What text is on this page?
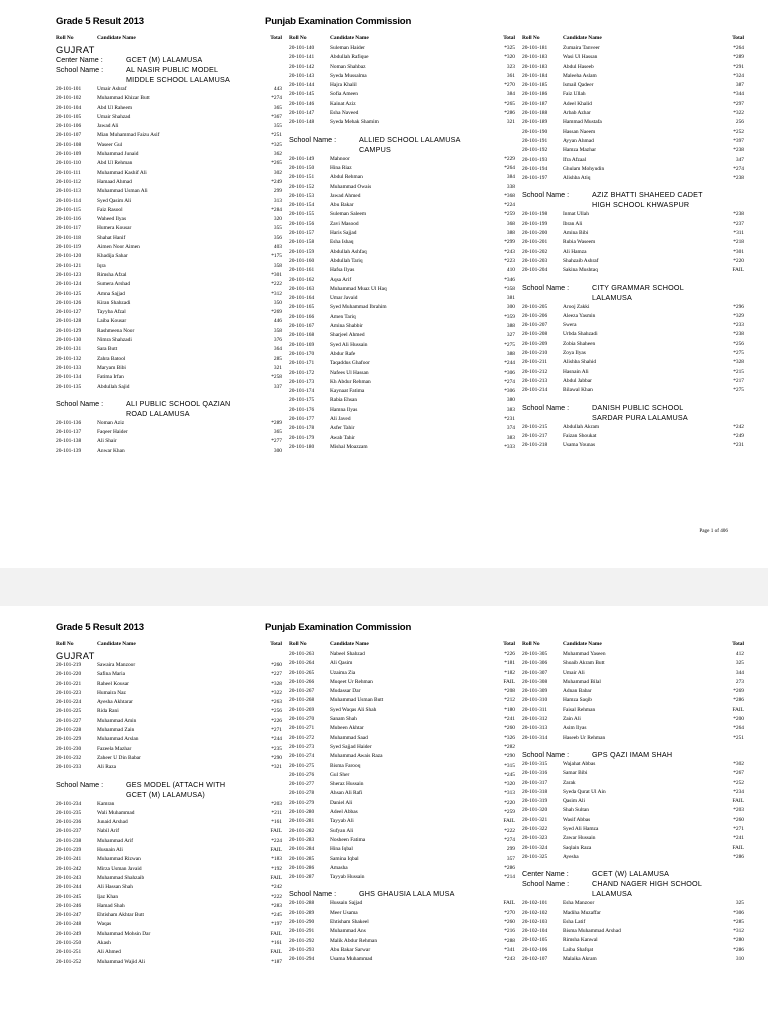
Grade 5 Result 2013	Punjab Examination Commission
Roll No	Candidate Name	Total Roll No	Candidate Name	Total Roll No	Candidate Name	Total
GUJRAT
Center Name :	GCET (M) LALAMUSA
School Name :	AL NASIR PUBLIC MODEL
MIDDLE SCHOOL LALAMUSA
20-101-101	Umair Ashraf	443
20-101-102	Muhammad Khizar Butt	*274
20-101-104	Abd Ul Raheem	365
20-101-105	Umair Shahzad	*367
20-101-106	Jawad Ali	355
20-101-107	Mian Muhammad Faizu Asif	*251
20-101-108	Waseer Gul	*325
20-101-109	Muhammad Junaid	362
20-101-110	Abd Ul Rehman	*265
20-101-111	Muhammad Kashif Ali	302
20-101-112	Hamaad Ahmad	*249
20-101-113	Muhammad Usman Ali	299
20-101-114	Syed Qasim Ali	313
20-101-115	Faiz Rasool	*284
20-101-116	Waheed Ilyas	320
20-101-117	Humera Kousar	355
20-101-118	Shahat Hanif	356
20-101-119	Aimen Noor Aimen	403
20-101-120	Khadija Sahar	*175
20-101-121	Iqra	358
20-101-123	Rimsha Afzal	*301
20-101-124	Sumera Arshad	*222
20-101-125	Amna Sajjad	*312
20-101-126	Kiran Shahzadi	350
20-101-127	Tayyba Afzal	*269
20-101-128	Laiba Kousar	446
20-101-129	Rashmeena Noor	358
20-101-130	Nimra Shahzadi	376
20-101-131	Sara Butt	364
20-101-132	Zahra Batool	285
20-101-133	Maryam Bibi	321
20-101-134	Fatima Irfan	*258
20-101-135	Abdullah Sajid	337
School Name :	ALI PUBLIC SCHOOL QAZIAN
ROAD LALAMUSA
20-101-136	Noman Aziz	*289
20-101-137	Faqeer Haider	365
20-101-138	Ali Shair	*277
20-101-139	Anwar Khan	300
20-101-140	Suleman Haider	*325
20-101-141	Abdullah Rafique	*320
20-101-142	Noman Shahbaz	323
20-101-143	Syeda Mussalma	361
20-101-144	Hajra Khalil	*270
20-101-145	Sofia Ameen	384
20-101-146	Kainat Aziz	*265
20-101-147	Esha Naveed	*286
20-101-148	Syeda Mehak Shamim	321
School Name :	ALLIED SCHOOL LALAMUSA
CAMPUS
20-101-149	Mahnoor	*229
20-101-150	Hina Riaz	*264
20-101-151	Abdul Rehman	384
20-101-152	Muhammad Owais	338
20-101-153	Jawad Ahmed	*368
20-101-154	Abu Bakar	*224
20-101-155	Suleman Saleem	*259
20-101-156	Zavi Masood	368
20-101-157	Haris Sajjad	388
20-101-158	Esha Ishaq	*299
20-101-159	Abdullah Ashfaq	*243
20-101-160	Abdullah Tariq	*223
20-101-161	Hafsa Ilyas	410
20-101-162	Aqsa Arif	*346
20-101-163	Muhammad Muaz Ul Haq	*358
20-101-164	Umar Javaid	381
20-101-165	Syed Muhammad Ibrahim	300
20-101-166	Amen Tariq	*359
20-101-167	Amina Shabbir	388
20-101-168	Sharjeel Ahmed	327
20-101-169	Syed Ali Hussain	*275
20-101-170	Abdur Rafe	388
20-101-171	Taqaddus Ghafoor	*244
20-101-172	Nafees Ul Hassan	*306
20-101-173	Kh Abdur Rehman	*274
20-101-174	Kaynaat Fatima	*306
20-101-175	Rabia Ehsan	380
20-101-176	Hamna Ilyas	383
20-101-177	Ali Javed	*231
20-101-178	Asfer Tahir	374
20-101-179	Awab Tahir	383
20-101-180	Mishal Moazzam	*333
20-101-181	Zumaira Tanveer	*264
20-101-183	Wasi Ul Hassan	*289
20-101-183	Abdul Haseeb	*291
20-101-184	Maleeha Aslam	*324
20-101-185	Ismail Qadeer	387
20-101-186	Faiz Ullah	*344
20-101-187	Adeel Khalid	*297
20-101-188	Arbab Azhar	*322
20-101-189	Hammad Mustafa	256
20-101-190	Hassan Naeem	*252
20-101-191	Ayyan Ahmad	*397
20-101-192	Hamza Mazhar	*238
20-101-193	Ifra Afzaal	347
20-101-194	Ghulam Mohyudin	*274
20-101-197	Alishba Atiq	*238
School Name :	AZIZ BHATTI SHAHEED CADET
HIGH SCHOOL KHWASPUR
20-101-198	Inmat Ullah	*238
20-101-199	Ibran Ali	*237
20-101-200	Amina Bibi	*311
20-101-201	Rubia Waseem	*218
20-101-202	Ali Hamza	*301
20-101-203	Shahzaib Ashraf	*220
20-101-204	Sakina Mushtaq	FAIL
School Name :	CITY GRAMMAR SCHOOL
LALAMUSA
20-101-205	Arooj Zakki	*296
20-101-206	Aleeza Yasmin	*329
20-101-207	Swera	*233
20-101-208	Urbda Shahzadi	*238
20-101-209	Zobia Shaheen	*256
20-101-210	Zoya Ilyas	*275
20-101-211	Alishba Shahid	*328
20-101-212	Hasnain Ali	*215
20-101-213	Abdul Jabbar	*217
20-101-214	Bilawal Khan	*275
School Name :	DANISH PUBLIC SCHOOL
SARDAR PURA LALAMUSA
20-101-215	Abdullah Akram	*242
20-101-217	Faizan Shoukat	*249
20-101-218	Usama Younas	*231
Page 1 of 406
Grade 5 Result 2013	Punjab Examination Commission
Roll No	Candidate Name	Total Roll No	Candidate Name	Total Roll No	Candidate Name	Total
GUJRAT
20-101-219	Sawaira Manzoor	*260
20-101-220	Safina Maria	*227
20-101-221	Raheel Kousar	*328
20-101-223	Humaira Naz	*322
20-101-224	Ayesha Akhtarar	*263
20-101-225	Rida Rani	*256
20-101-227	Muhammad Amin	*226
20-101-228	Muhammad Zain	*271
20-101-229	Muhammad Arslan	*244
20-101-230	Fazeela Mazhar	*235
20-101-232	Zaheer U Din Babar	*290
20-101-233	Ali Raza	*321
School Name :	GES MODEL (ATTACH WITH
GCET (M) LALAMUSA)
20-101-234	Kamran	*203
20-101-235	Wali Muhammad	*211
20-101-236	Junaid Arshad	*161
20-101-237	Nabil Arif	FAIL
20-101-238	Muhammad Arif	*224
20-101-239	Husnain Ali	FAIL
20-101-241	Muhammad Rizwan	*183
20-101-242	Mirza Usman Javaid	*192
20-101-243	Muhammad Shahzaib	FAIL
20-101-244	Ali Hassan Shah	*242
20-101-245	Ijaz Khan	*222
20-101-246	Hamad Shah	*283
20-101-247	Ehtisham Akhtar Butt	*245
20-101-248	Waqas	*197
20-101-249	Muhammad Mohsin Dar	FAIL
20-101-250	Akash	*161
20-101-251	Ali Ahmed	FAIL
20-101-252	Muhammad Wajid Ali	*187
20-101-263	Nabeel Shahzad	*226
20-101-264	Ali Qasim	*181
20-101-265	Uzaima Zia	*182
20-101-266	Muqeet Ur Rehman	FAIL
20-101-267	Mudassar Dar	*208
20-101-268	Muhammad Usman Butt	*212
20-101-269	Syed Waqas Ali Shah	*180
20-101-270	Sanam Shah	*241
20-101-271	Mubeen Akhtar	*260
20-101-272	Muhammad Saad	*326
20-101-273	Syed Sajjad Haider	*282
20-101-274	Muhammad Awais Raza	*290
20-101-275	Bisma Farooq	*315
20-101-276	Gul Sher	*245
20-101-277	Sheraz Hussain	*320
20-101-278	Ahsan Ali Rafi	*313
20-101-279	Daniel Ali	*220
20-101-280	Adeel Abbas	*259
20-101-281	Tayyab Ali	FAIL
20-101-282	Sufyan Ali	*222
20-101-283	Nosheen Fatima	*274
20-101-284	Hina Iqbal	299
20-101-285	Samina Iqbal	357
20-101-286	Amasha	*286
20-101-287	Tayyab Hussain	*214
School Name :	GHS GHAUSIA LALA MUSA
20-101-288	Hussain Sajjad	FAIL
20-101-289	Meer Usama	*270
20-101-290	Ehtisham Shakeel	*260
20-101-291	Muhammad Ans	*216
20-101-292	Malik Abdur Rehman	*288
20-101-293	Abu Bakar Sarwar	*341
20-101-294	Usama Muhammad	*243
20-101-305	Muhammad Yaseen	412
20-101-306	Shoaib Akram Butt	325
20-101-307	Umair Ali	344
20-101-308	Muhammad Bilal	273
20-101-309	Adnan Babar	*269
20-101-310	Hamza Saqib	*286
20-101-311	Faisal Rehman	FAIL
20-101-312	Zain Ali	*200
20-101-313	Asim Ilyas	*264
20-101-314	Haseeb Ur Rehman	*251
School Name :	GPS QAZI IMAM SHAH
20-101-315	Wajahat Abbas	*302
20-101-316	Samar Bibi	*267
20-101-317	Zarak	*252
20-101-318	Syeda Qurat Ul Ain	*234
20-101-319	Qasim Ali	FAIL
20-101-320	Shah Sultan	*203
20-101-321	Wasif Abbas	*260
20-101-322	Syed Ali Hamza	*271
20-101-323	Zawar Hussain	*241
20-101-324	Saqlain Raza	FAIL
20-101-325	Ayesha	*286
Center Name :	GCET (W) LALAMUSA
School Name :	CHAND NAGER HIGH SCHOOL
LALAMUSA
20-102-101	Esha Manzoor	325
20-102-102	Madiha Muzaffar	*306
20-102-103	Esha Latif	*285
20-102-104	Bisma Muhammad Arshad	*312
20-102-105	Rimsha Kanwal	*280
20-102-106	Laiba Shafqat	*286
20-102-107	Malaika Akram	310
